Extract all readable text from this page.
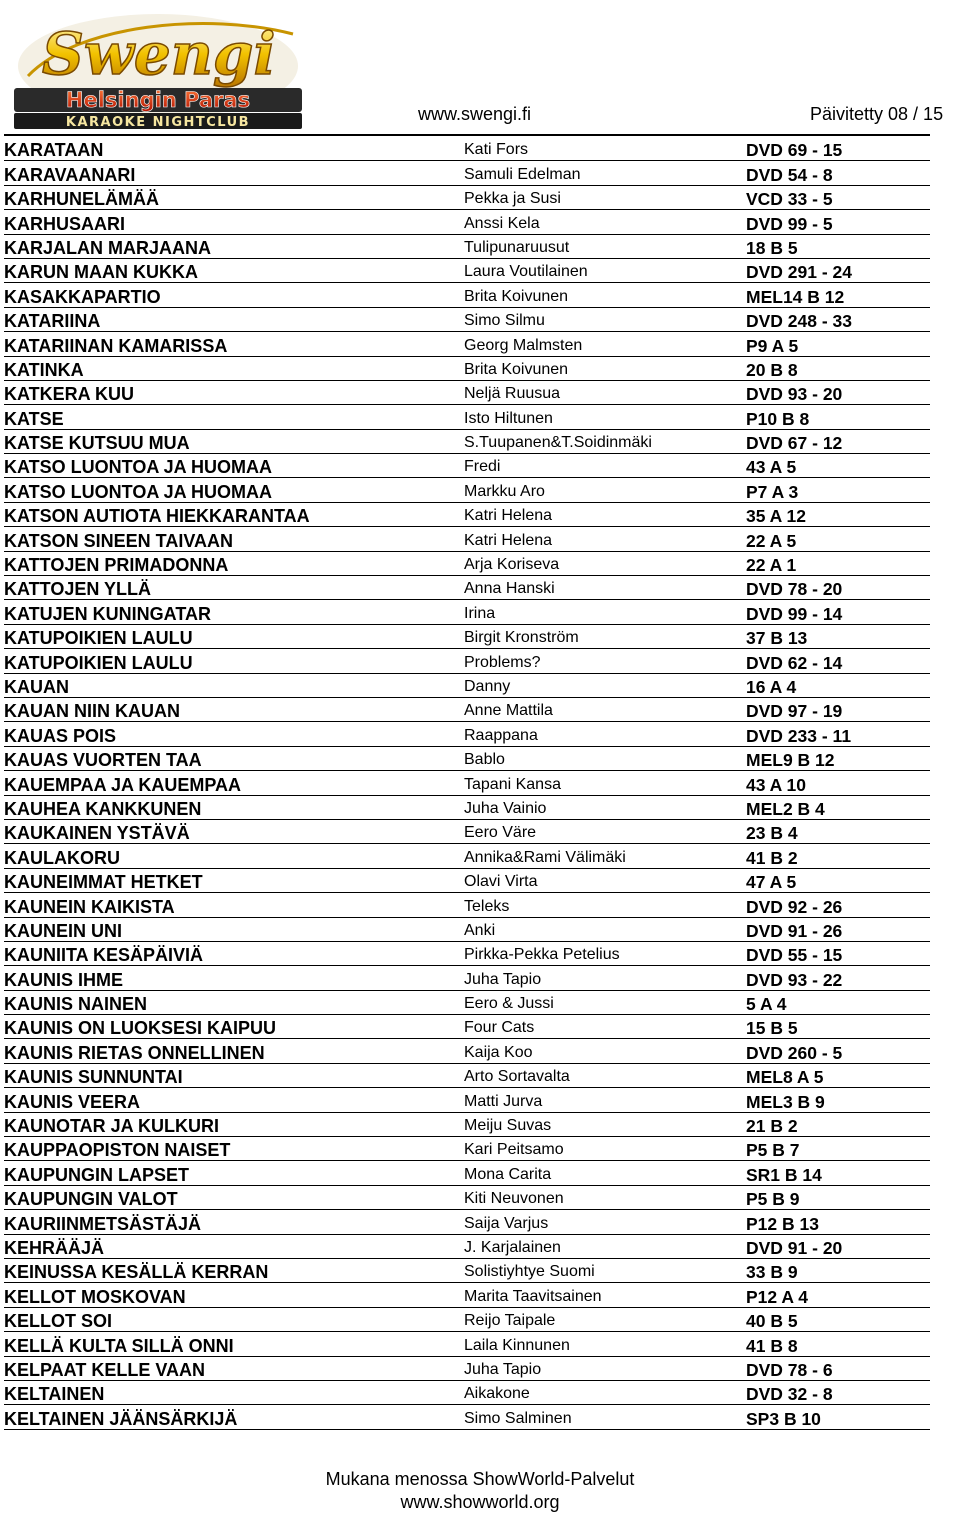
Swengi
Helsingin Paras
KARAOKE NIGHTCLUB	www.swengi.fi	Päivitetty 08 / 15
KARATAAN	Kati Fors	DVD 69 - 15
KARAVAANARI	Samuli Edelman	DVD 54 - 8
KARHUNELÄMÄÄ	Pekka ja Susi	VCD 33 - 5
KARHUSAARI	Anssi Kela	DVD 99 - 5
KARJALAN MARJAANA	Tulipunaruusut	18 B 5
KARUN MAAN KUKKA	Laura Voutilainen	DVD 291 - 24
KASAKKAPARTIO	Brita Koivunen	MEL14 B 12
KATARIINA	Simo Silmu	DVD 248 - 33
KATARIINAN KAMARISSA	Georg Malmsten	P9 A 5
KATINKA	Brita Koivunen	20 B 8
KATKERA KUU	Neljä Ruusua	DVD 93 - 20
KATSE	Isto Hiltunen	P10 B 8
KATSE KUTSUU MUA	S.Tuupanen&T.Soidinmäki	DVD 67 - 12
KATSO LUONTOA JA HUOMAA	Fredi	43 A 5
KATSO LUONTOA JA HUOMAA	Markku Aro	P7 A 3
KATSON AUTIOTA HIEKKARANTAA	Katri Helena	35 A 12
KATSON SINEEN TAIVAAN	Katri Helena	22 A 5
KATTOJEN PRIMADONNA	Arja Koriseva	22 A 1
KATTOJEN YLLÄ	Anna Hanski	DVD 78 - 20
KATUJEN KUNINGATAR	Irina	DVD 99 - 14
KATUPOIKIEN LAULU	Birgit Kronström	37 B 13
KATUPOIKIEN LAULU	Problems?	DVD 62 - 14
KAUAN	Danny	16 A 4
KAUAN NIIN KAUAN	Anne Mattila	DVD 97 - 19
KAUAS POIS	Raappana	DVD 233 - 11
KAUAS VUORTEN TAA	Bablo	MEL9 B 12
KAUEMPAA JA KAUEMPAA	Tapani Kansa	43 A 10
KAUHEA KANKKUNEN	Juha Vainio	MEL2 B 4
KAUKAINEN YSTÄVÄ	Eero Väre	23 B 4
KAULAKORU	Annika&Rami Välimäki	41 B 2
KAUNEIMMAT HETKET	Olavi Virta	47 A 5
KAUNEIN KAIKISTA	Teleks	DVD 92 - 26
KAUNEIN UNI	Anki	DVD 91 - 26
KAUNIITA KESÄPÄIVIÄ	Pirkka-Pekka Petelius	DVD 55 - 15
KAUNIS IHME	Juha Tapio	DVD 93 - 22
KAUNIS NAINEN	Eero & Jussi	5 A 4
KAUNIS ON LUOKSESI KAIPUU	Four Cats	15 B 5
KAUNIS RIETAS ONNELLINEN	Kaija Koo	DVD 260 - 5
KAUNIS SUNNUNTAI	Arto Sortavalta	MEL8 A 5
KAUNIS VEERA	Matti Jurva	MEL3 B 9
KAUNOTAR JA KULKURI	Meiju Suvas	21 B 2
KAUPPAOPISTON NAISET	Kari Peitsamo	P5 B 7
KAUPUNGIN LAPSET	Mona Carita	SR1 B 14
KAUPUNGIN VALOT	Kiti Neuvonen	P5 B 9
KAURIINMETSÄSTÄJÄ	Saija Varjus	P12 B 13
KEHRÄÄJÄ	J. Karjalainen	DVD 91 - 20
KEINUSSA KESÄLLÄ KERRAN	Solistiyhtye Suomi	33 B 9
KELLOT MOSKOVAN	Marita Taavitsainen	P12 A 4
KELLOT SOI	Reijo Taipale	40 B 5
KELLÄ KULTA SILLÄ ONNI	Laila Kinnunen	41 B 8
KELPAAT KELLE VAAN	Juha Tapio	DVD 78 - 6
KELTAINEN	Aikakone	DVD 32 - 8
KELTAINEN JÄÄNSÄRKIJÄ	Simo Salminen	SP3 B 10
Mukana menossa ShowWorld-Palvelut
www.showworld.org
